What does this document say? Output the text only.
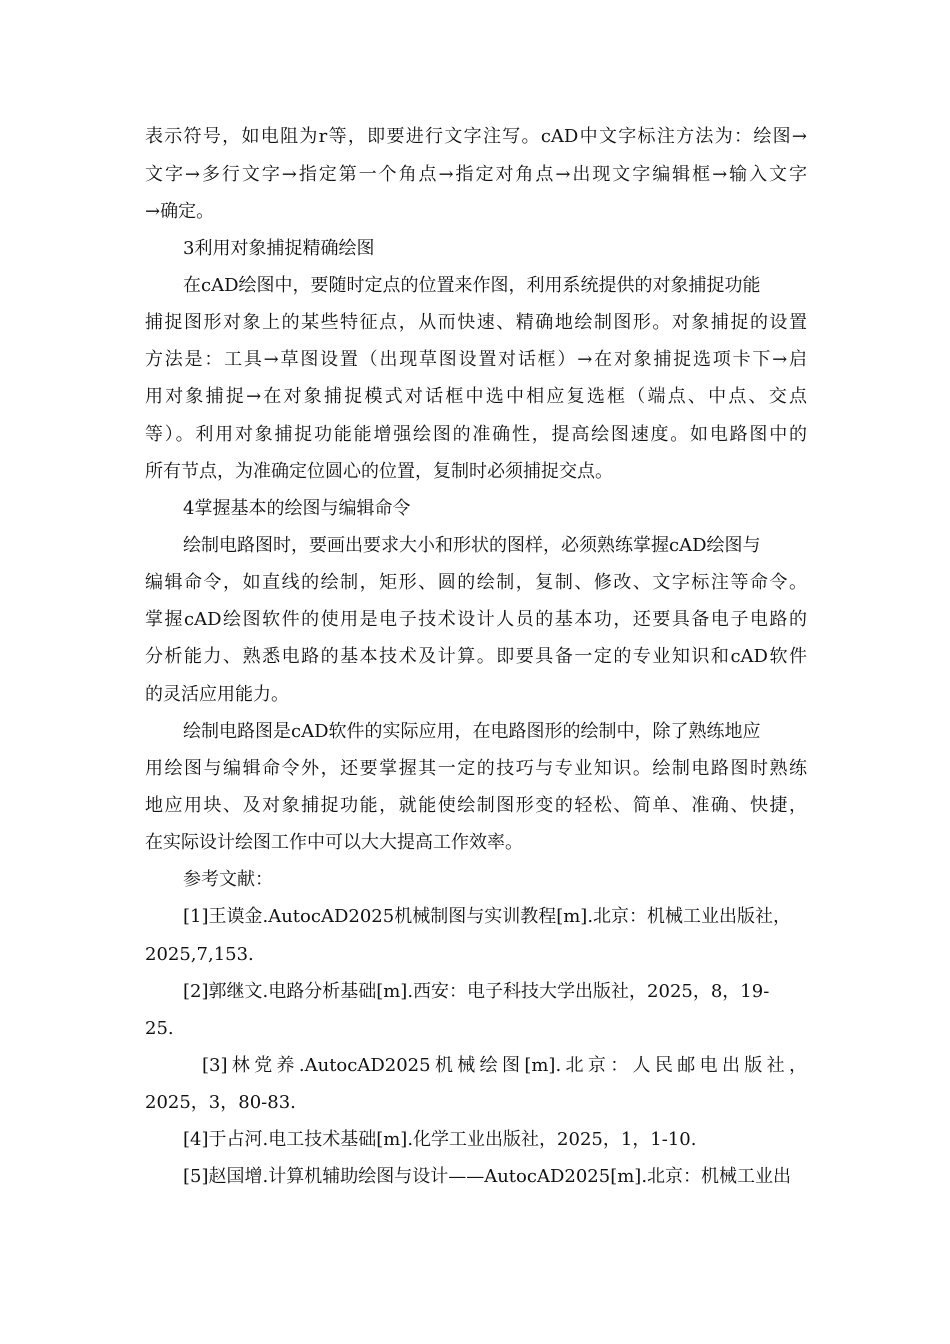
表示符号，如电阻为r等，即要进行文字注写。cAD中文字标注方法为：绘图→
文字→多行文字→指定第一个角点→指定对角点→出现文字编辑框→输入文字
→确定。
3利用对象捕捉精确绘图
在cAD绘图中，要随时定点的位置来作图，利用系统提供的对象捕捉功能
捕捉图形对象上的某些特征点，从而快速、精确地绘制图形。对象捕捉的设置
方法是：工具→草图设置（出现草图设置对话框）→在对象捕捉选项卡下→启
用对象捕捉→在对象捕捉模式对话框中选中相应复选框（端点、中点、交点
等）。利用对象捕捉功能能增强绘图的准确性，提高绘图速度。如电路图中的
所有节点，为准确定位圆心的位置，复制时必须捕捉交点。
4掌握基本的绘图与编辑命令
绘制电路图时，要画出要求大小和形状的图样，必须熟练掌握cAD绘图与
编辑命令，如直线的绘制，矩形、圆的绘制，复制、修改、文字标注等命令。
掌握cAD绘图软件的使用是电子技术设计人员的基本功，还要具备电子电路的
分析能力、熟悉电路的基本技术及计算。即要具备一定的专业知识和cAD软件
的灵活应用能力。
绘制电路图是cAD软件的实际应用，在电路图形的绘制中，除了熟练地应
用绘图与编辑命令外，还要掌握其一定的技巧与专业知识。绘制电路图时熟练
地应用块、及对象捕捉功能，就能使绘制图形变的轻松、简单、准确、快捷，
在实际设计绘图工作中可以大大提高工作效率。
参考文献：
[1]王谟金.AutocAD2025机械制图与实训教程[m].北京：机械工业出版社，
2025,7,153.
[2]郭继文.电路分析基础[m].西安：电子科技大学出版社，2025，8，19-
25.
[3]林党养.AutocAD2025机械绘图[m].北京：人民邮电出版社，
2025，3，80-83.
[4]于占河.电工技术基础[m].化学工业出版社，2025，1，1-10.
[5]赵国增.计算机辅助绘图与设计——AutocAD2025[m].北京：机械工业出
